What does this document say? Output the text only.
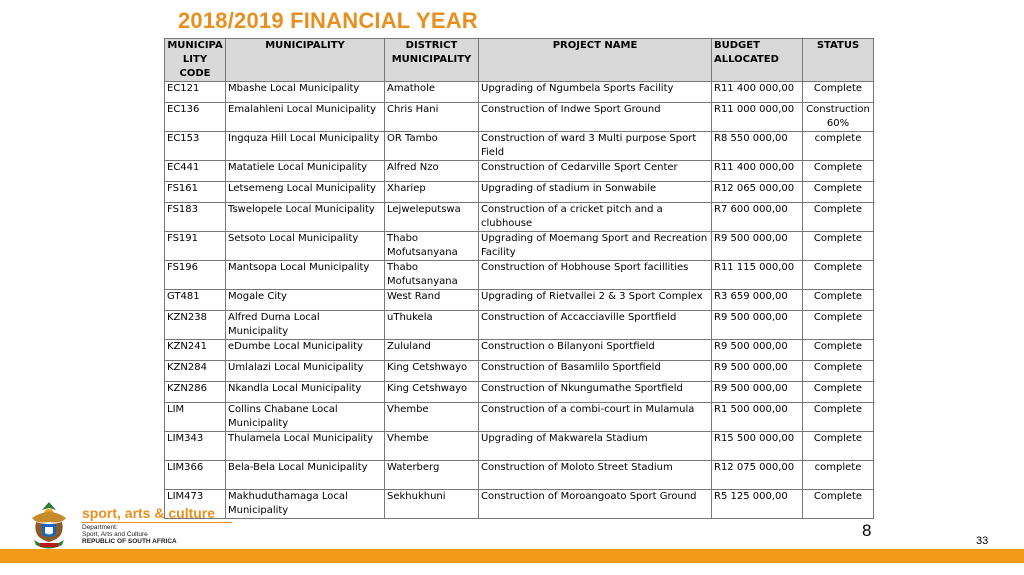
2018/2019 FINANCIAL YEAR
MUNICIPALITY CODE	MUNICIPALITY	DISTRICT MUNICIPALITY	PROJECT NAME	BUDGET ALLOCATED	STATUS
EC121	Mbashe Local Municipality	Amathole	Upgrading of Ngumbela Sports Facility	R11 400 000,00	Complete
EC136	Emalahleni Local Municipality	Chris Hani	Construction of Indwe Sport Ground	R11 000 000,00	Construction 60%
EC153	Ingquza Hill Local Municipality	OR Tambo	Construction of ward 3 Multi purpose Sport Field	R8 550 000,00	complete
EC441	Matatiele Local Municipality	Alfred Nzo	Construction of Cedarville Sport Center	R11 400 000,00	Complete
FS161	Letsemeng Local Municipality	Xhariep	Upgrading of stadium in Sonwabile	R12 065 000,00	Complete
FS183	Tswelopele Local Municipality	Lejweleputswa	Construction of a cricket pitch and a clubhouse	R7 600 000,00	Complete
FS191	Setsoto Local Municipality	Thabo Mofutsanyana	Upgrading of Moemang Sport and Recreation Facility	R9 500 000,00	Complete
FS196	Mantsopa Local Municipality	Thabo Mofutsanyana	Construction of Hobhouse Sport facillities	R11 115 000,00	Complete
GT481	Mogale City	West Rand	Upgrading of Rietvallei 2 & 3 Sport Complex	R3 659 000,00	Complete
KZN238	Alfred Duma Local Municipality	uThukela	Construction of Accacciaville Sportfield	R9 500 000,00	Complete
KZN241	eDumbe Local Municipality	Zululand	Construction o Bilanyoni Sportfield	R9 500 000,00	Complete
KZN284	Umlalazi Local Municipality	King Cetshwayo	Construction of Basamlilo Sportfield	R9 500 000,00	Complete
KZN286	Nkandla Local Municipality	King Cetshwayo	Construction of Nkungumathe Sportfield	R9 500 000,00	Complete
LIM	Collins Chabane Local Municipality	Vhembe	Construction of a combi-court in Mulamula	R1 500 000,00	Complete
LIM343	Thulamela Local Municipality	Vhembe	Upgrading of Makwarela Stadium	R15 500 000,00	Complete
LIM366	Bela-Bela Local Municipality	Waterberg	Construction of Moloto Street Stadium	R12 075 000,00	complete
LIM473	Makhuduthamaga Local Municipality	Sekhukhuni	Construction of Moroangoato Sport Ground	R5 125 000,00	Complete
sport, arts & culture
Department:
Sport, Arts and Culture
REPUBLIC OF SOUTH AFRICA
8
33
